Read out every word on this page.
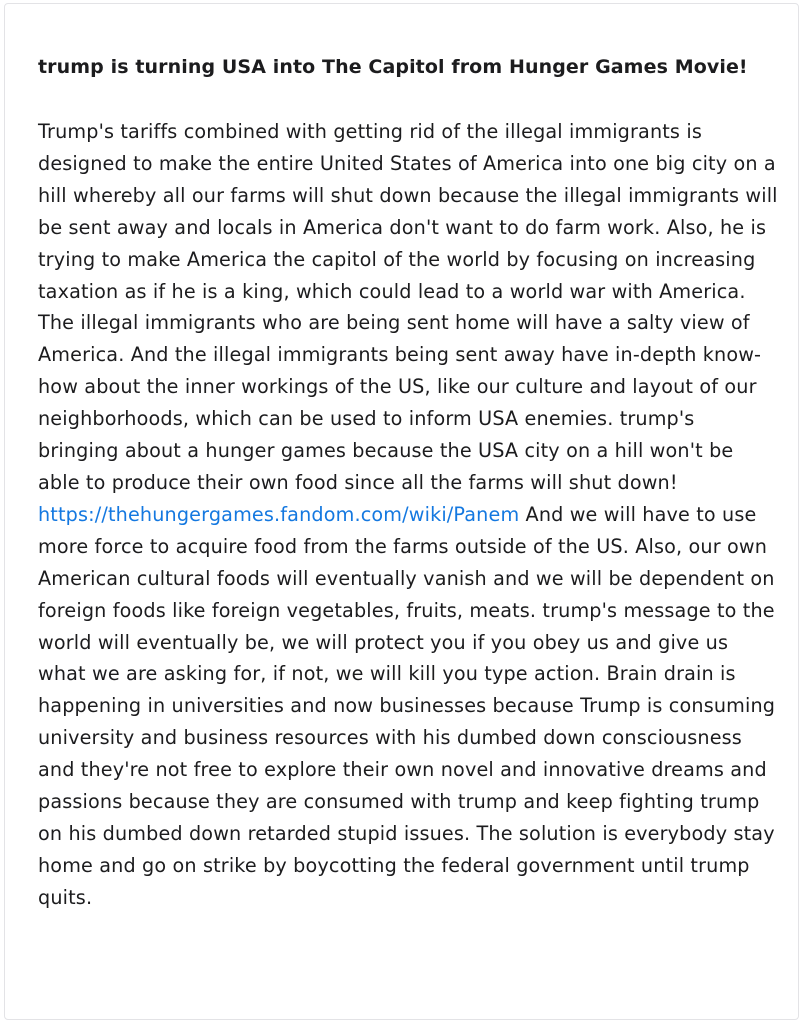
trump is turning USA into The Capitol from Hunger Games Movie!

Trump's tariffs combined with getting rid of the illegal immigrants is designed to make the entire United States of America into one big city on a hill whereby all our farms will shut down because the illegal immigrants will be sent away and locals in America don't want to do farm work. Also, he is trying to make America the capitol of the world by focusing on increasing taxation as if he is a king, which could lead to a world war with America. The illegal immigrants who are being sent home will have a salty view of America. And the illegal immigrants being sent away have in-depth know-how about the inner workings of the US, like our culture and layout of our neighborhoods, which can be used to inform USA enemies. trump's bringing about a hunger games because the USA city on a hill won't be able to produce their own food since all the farms will shut down! https://thehungergames.fandom.com/wiki/Panem And we will have to use more force to acquire food from the farms outside of the US. Also, our own American cultural foods will eventually vanish and we will be dependent on foreign foods like foreign vegetables, fruits, meats. trump's message to the world will eventually be, we will protect you if you obey us and give us what we are asking for, if not, we will kill you type action. Brain drain is happening in universities and now businesses because Trump is consuming university and business resources with his dumbed down consciousness and they're not free to explore their own novel and innovative dreams and passions because they are consumed with trump and keep fighting trump on his dumbed down retarded stupid issues. The solution is everybody stay home and go on strike by boycotting the federal government until trump quits.
